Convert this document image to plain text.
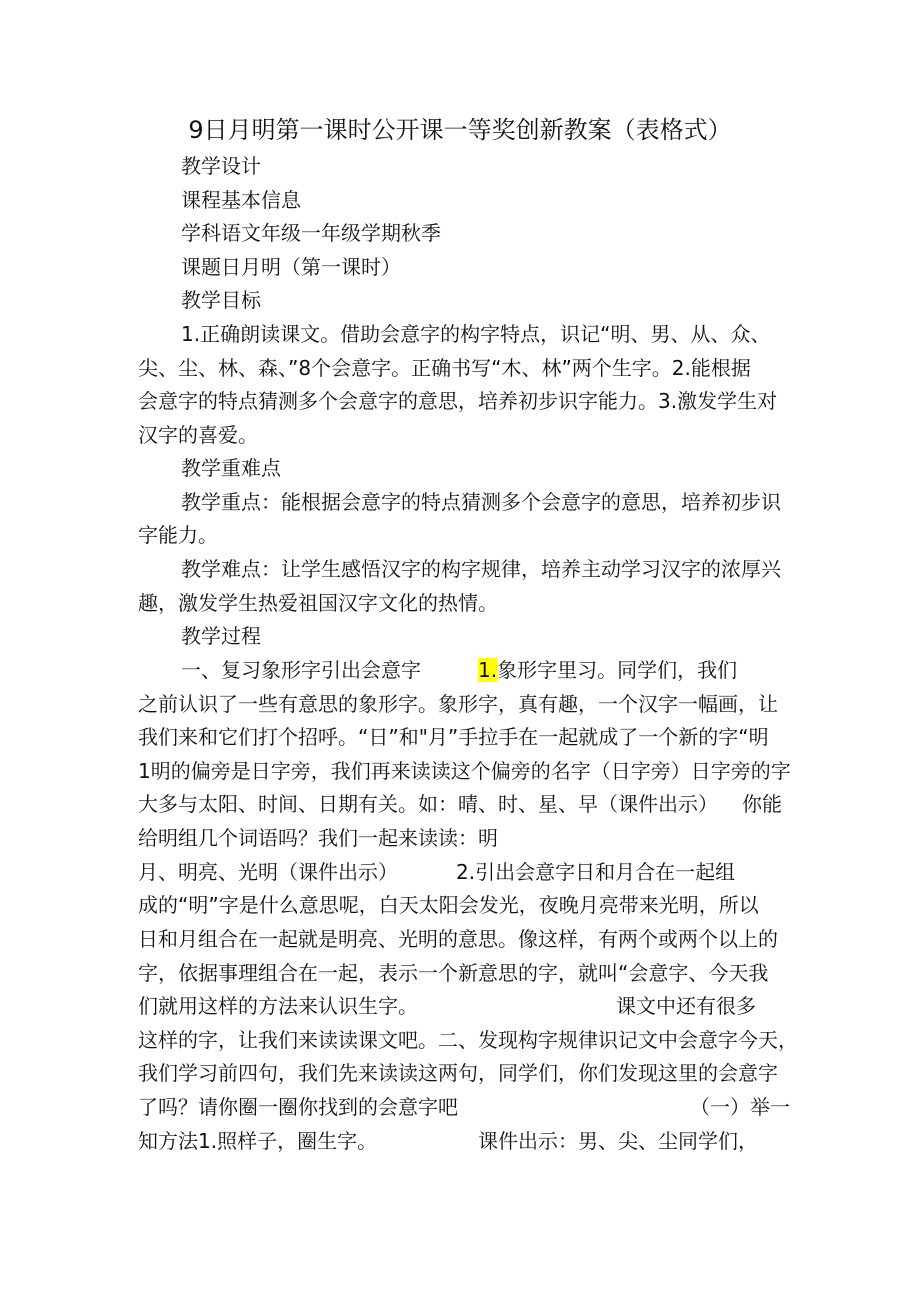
9日月明第一课时公开课一等奖创新教案（表格式）
教学设计
课程基本信息
学科语文年级一年级学期秋季
课题日月明（第一课时）
教学目标
1.正确朗读课文。借助会意字的构字特点，识记“明、男、从、众、
尖、尘、林、森、”8个会意字。正确书写“木、林”两个生字。2.能根据
会意字的特点猜测多个会意字的意思，培养初步识字能力。3.激发学生对
汉字的喜爱。
教学重难点
教学重点：能根据会意字的特点猜测多个会意字的意思，培养初步识
字能力。
教学难点：让学生感悟汉字的构字规律，培养主动学习汉字的浓厚兴
趣，激发学生热爱祖国汉字文化的热情。
教学过程
一、复习象形字引出会意字
之前认识了一些有意思的象形字。象形字，真有趣，一个汉字一幅画，让
我们来和它们打个招呼。“日”和"月”手拉手在一起就成了一个新的字“明
1明的偏旁是日字旁，我们再来读读这个偏旁的名字（日字旁）日字旁的字
大多与太阳、时间、日期有关。如：晴、时、星、早（课件出示） 你能
给明组几个词语吗？我们一起来读读：明
月、明亮、光明（课件出示）	2.引出会意字日和月合在一起组
成的“明”字是什么意思呢，白天太阳会发光，夜晚月亮带来光明，所以
日和月组合在一起就是明亮、光明的意思。像这样，有两个或两个以上的
字，依据事理组合在一起，表示一个新意思的字，就叫“会意字、今天我
们就用这样的方法来认识生字。	课文中还有很多
这样的字，让我们来读读课文吧。二、发现构字规律识记文中会意字今天，
我们学习前四句，我们先来读读这两句，同学们，你们发现这里的会意字
了吗？请你圈一圈你找到的会意字吧	（一）举一
知方法1.照样子，圈生字。	课件出示：男、尖、尘同学们，
1.象形字里习。同学们，我们
